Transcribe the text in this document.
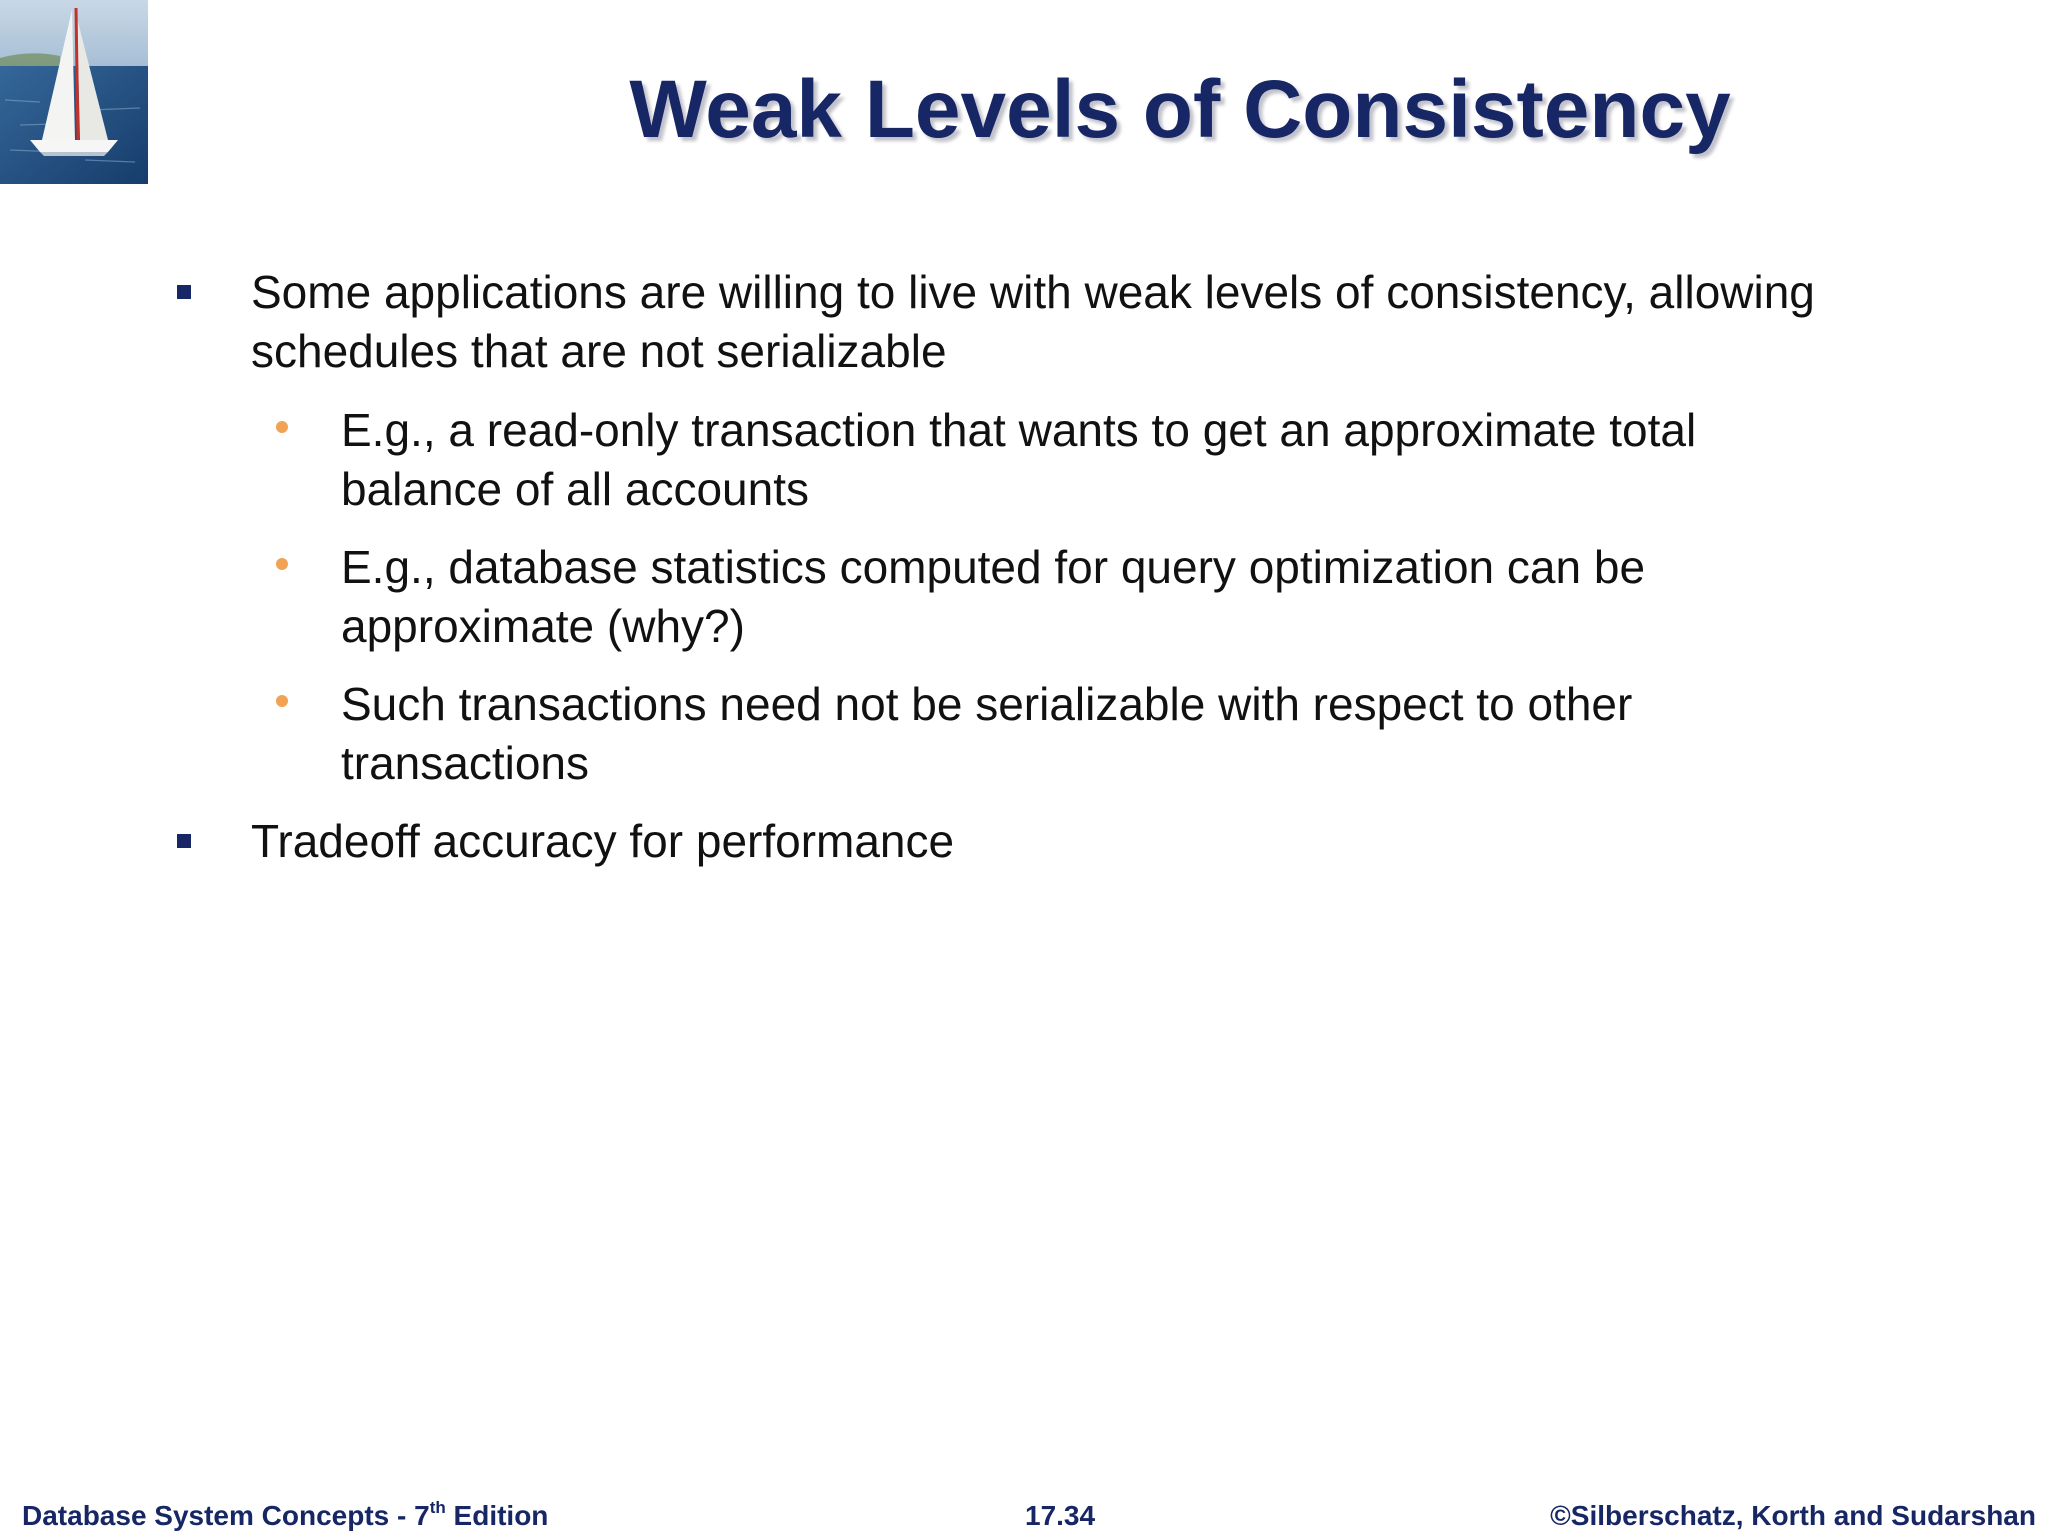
Weak Levels of Consistency
Some applications are willing to live with weak levels of consistency, allowing schedules that are not serializable
E.g., a read-only transaction that wants to get an approximate total balance of all accounts
E.g., database statistics computed for query optimization can be approximate (why?)
Such transactions need not be serializable with respect to other transactions
Tradeoff accuracy for performance
Database System Concepts - 7th Edition	17.34	©Silberschatz, Korth and Sudarshan
